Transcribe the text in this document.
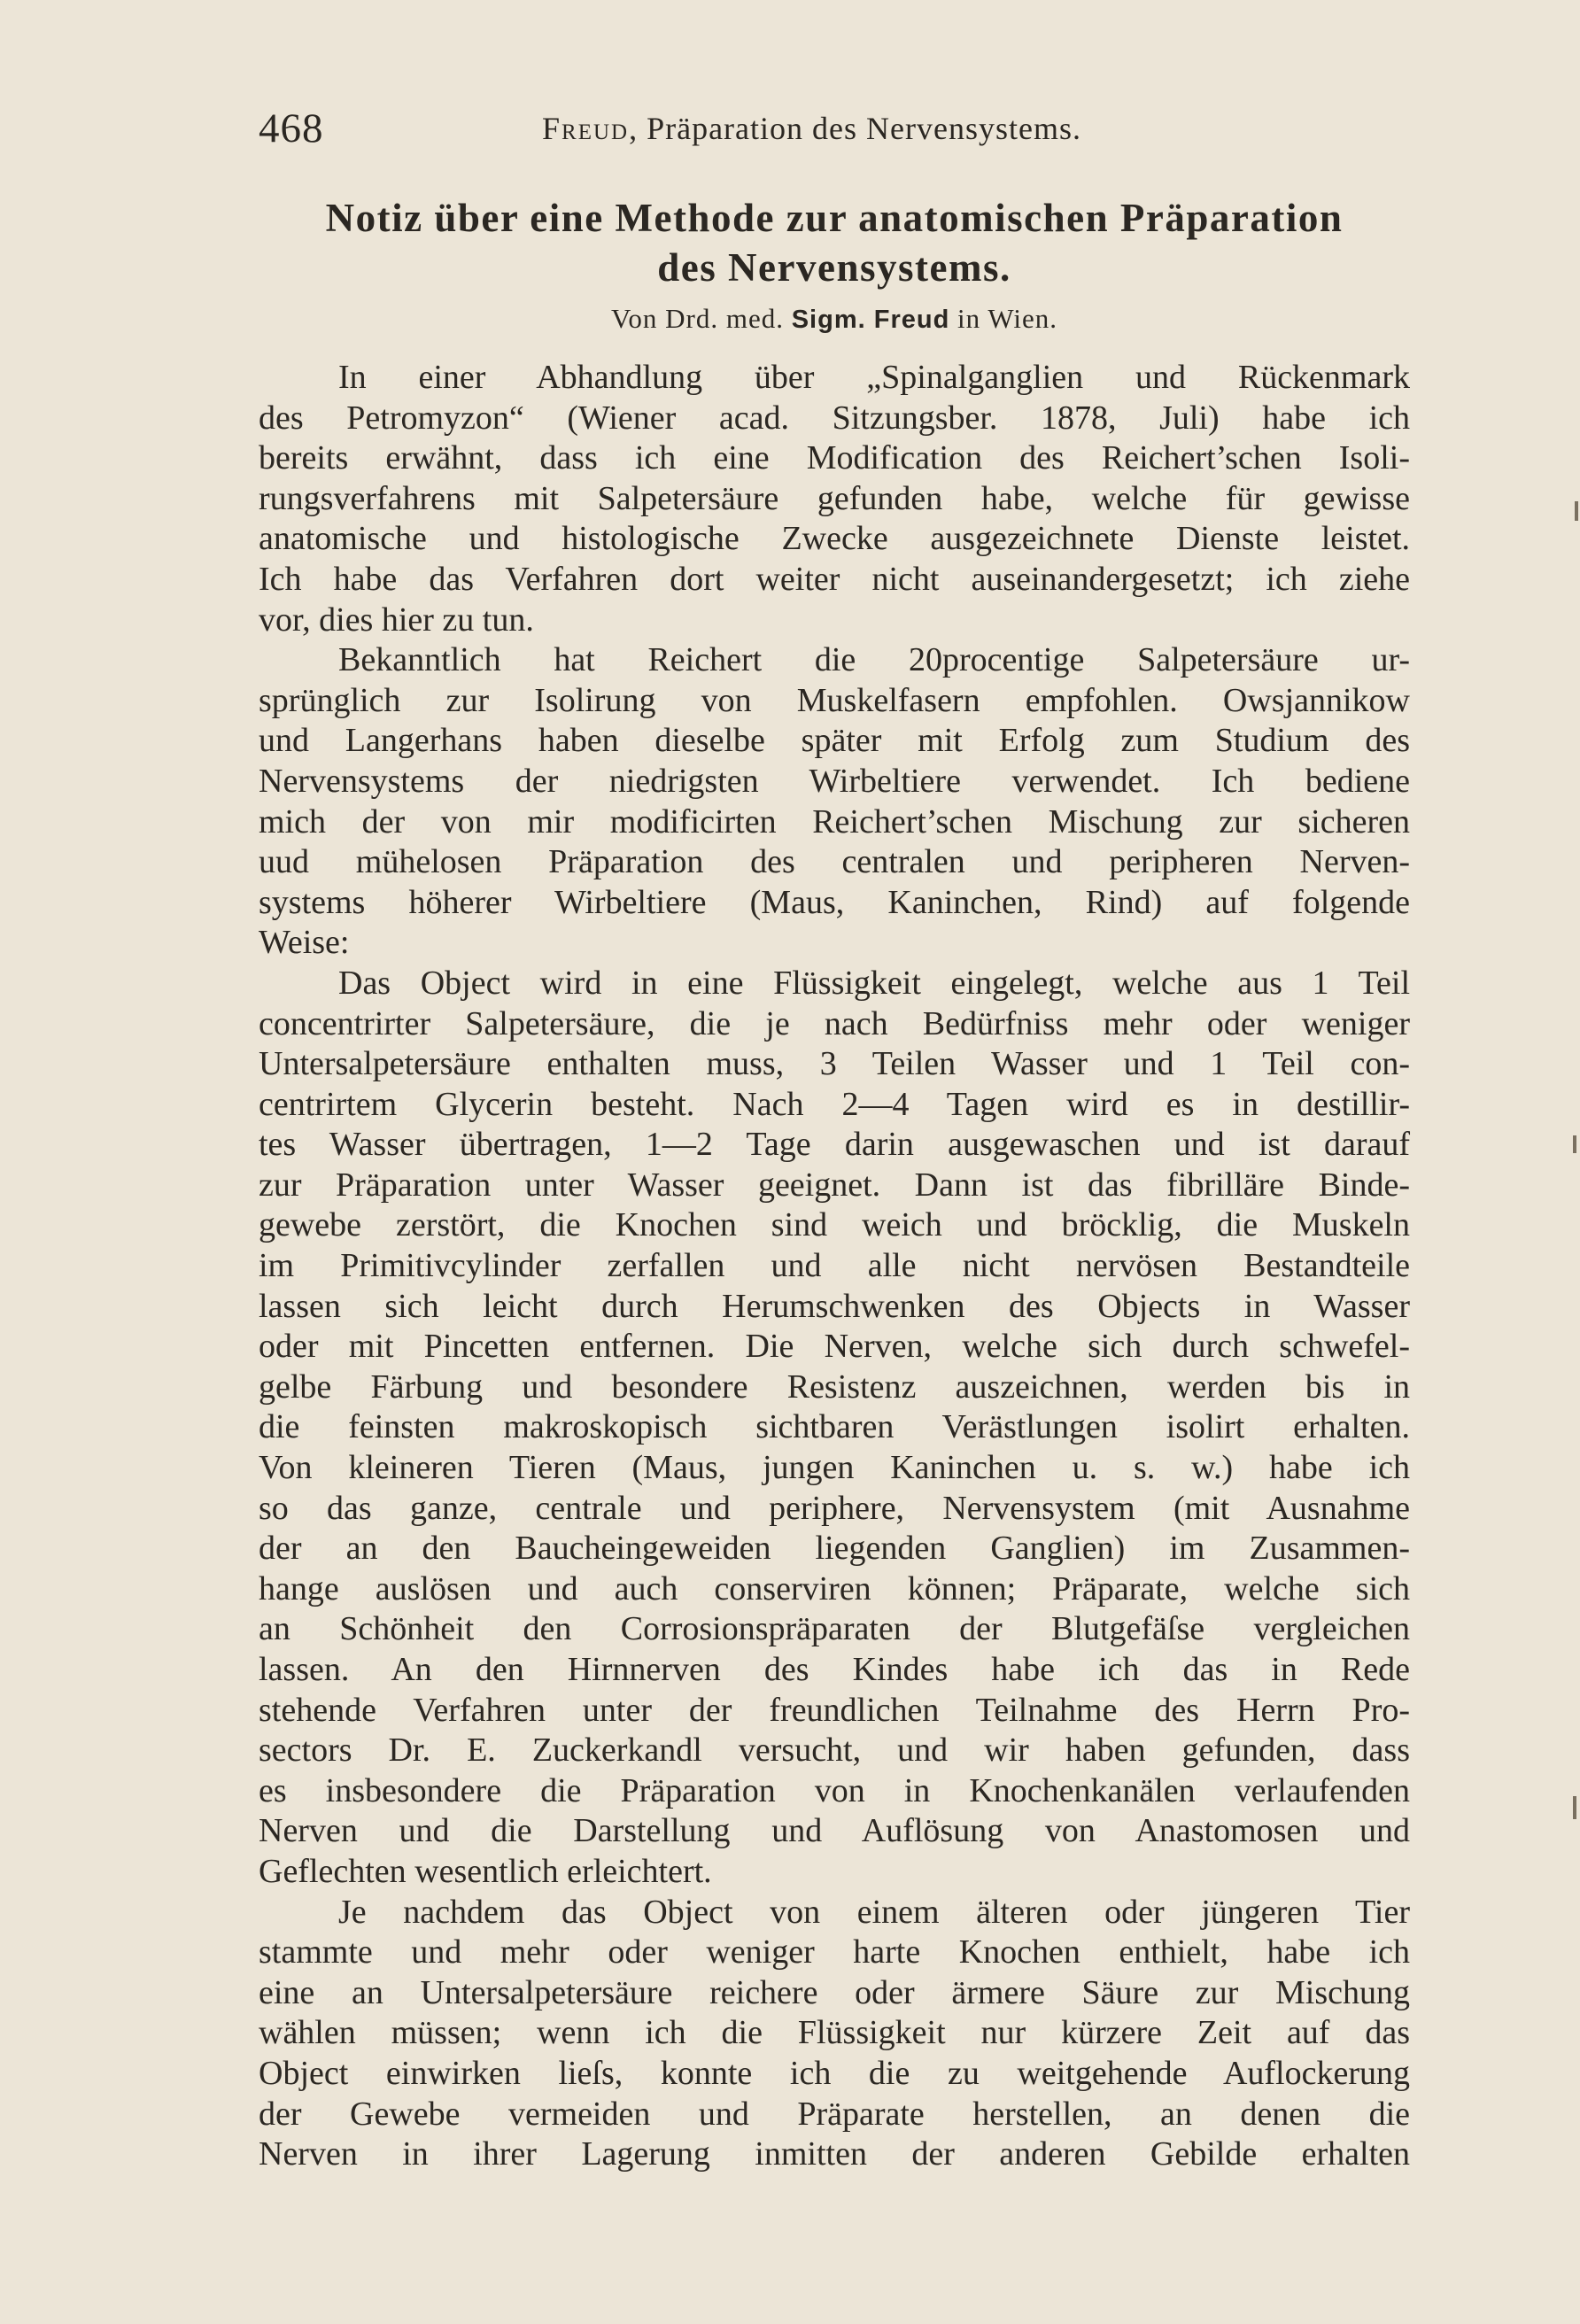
468	Freud, Präparation des Nervensystems.
Notiz über eine Methode zur anatomischen Präparation
des Nervensystems.
Von Drd. med. Sigm. Freud in Wien.
In einer Abhandlung über „Spinalganglien und Rückenmark
des Petromyzon“ (Wiener acad. Sitzungsber. 1878, Juli) habe ich
bereits erwähnt, dass ich eine Modification des Reichert’schen Isoli-
rungsverfahrens mit Salpetersäure gefunden habe, welche für gewisse
anatomische und histologische Zwecke ausgezeichnete Dienste leistet.
Ich habe das Verfahren dort weiter nicht auseinandergesetzt; ich ziehe
vor, dies hier zu tun.
Bekanntlich hat Reichert die 20procentige Salpetersäure ur-
sprünglich zur Isolirung von Muskelfasern empfohlen. Owsjannikow
und Langerhans haben dieselbe später mit Erfolg zum Studium des
Nervensystems der niedrigsten Wirbeltiere verwendet. Ich bediene
mich der von mir modificirten Reichert’schen Mischung zur sicheren
uud mühelosen Präparation des centralen und peripheren Nerven-
systems höherer Wirbeltiere (Maus, Kaninchen, Rind) auf folgende
Weise:
Das Object wird in eine Flüssigkeit eingelegt, welche aus 1 Teil
concentrirter Salpetersäure, die je nach Bedürfniss mehr oder weniger
Untersalpetersäure enthalten muss, 3 Teilen Wasser und 1 Teil con-
centrirtem Glycerin besteht. Nach 2—4 Tagen wird es in destillir-
tes Wasser übertragen, 1—2 Tage darin ausgewaschen und ist darauf
zur Präparation unter Wasser geeignet. Dann ist das fibrilläre Binde-
gewebe zerstört, die Knochen sind weich und bröcklig, die Muskeln
im Primitivcylinder zerfallen und alle nicht nervösen Bestandteile
lassen sich leicht durch Herumschwenken des Objects in Wasser
oder mit Pincetten entfernen. Die Nerven, welche sich durch schwefel-
gelbe Färbung und besondere Resistenz auszeichnen, werden bis in
die feinsten makroskopisch sichtbaren Verästlungen isolirt erhalten.
Von kleineren Tieren (Maus, jungen Kaninchen u. s. w.) habe ich
so das ganze, centrale und periphere, Nervensystem (mit Ausnahme
der an den Baucheingeweiden liegenden Ganglien) im Zusammen-
hange auslösen und auch conserviren können; Präparate, welche sich
an Schönheit den Corrosionspräparaten der Blutgefäſse vergleichen
lassen. An den Hirnnerven des Kindes habe ich das in Rede
stehende Verfahren unter der freundlichen Teilnahme des Herrn Pro-
sectors Dr. E. Zuckerkandl versucht, und wir haben gefunden, dass
es insbesondere die Präparation von in Knochenkanälen verlaufenden
Nerven und die Darstellung und Auflösung von Anastomosen und
Geflechten wesentlich erleichtert.
Je nachdem das Object von einem älteren oder jüngeren Tier
stammte und mehr oder weniger harte Knochen enthielt, habe ich
eine an Untersalpetersäure reichere oder ärmere Säure zur Mischung
wählen müssen; wenn ich die Flüssigkeit nur kürzere Zeit auf das
Object einwirken lieſs, konnte ich die zu weitgehende Auflockerung
der Gewebe vermeiden und Präparate herstellen, an denen die
Nerven in ihrer Lagerung inmitten der anderen Gebilde erhalten
